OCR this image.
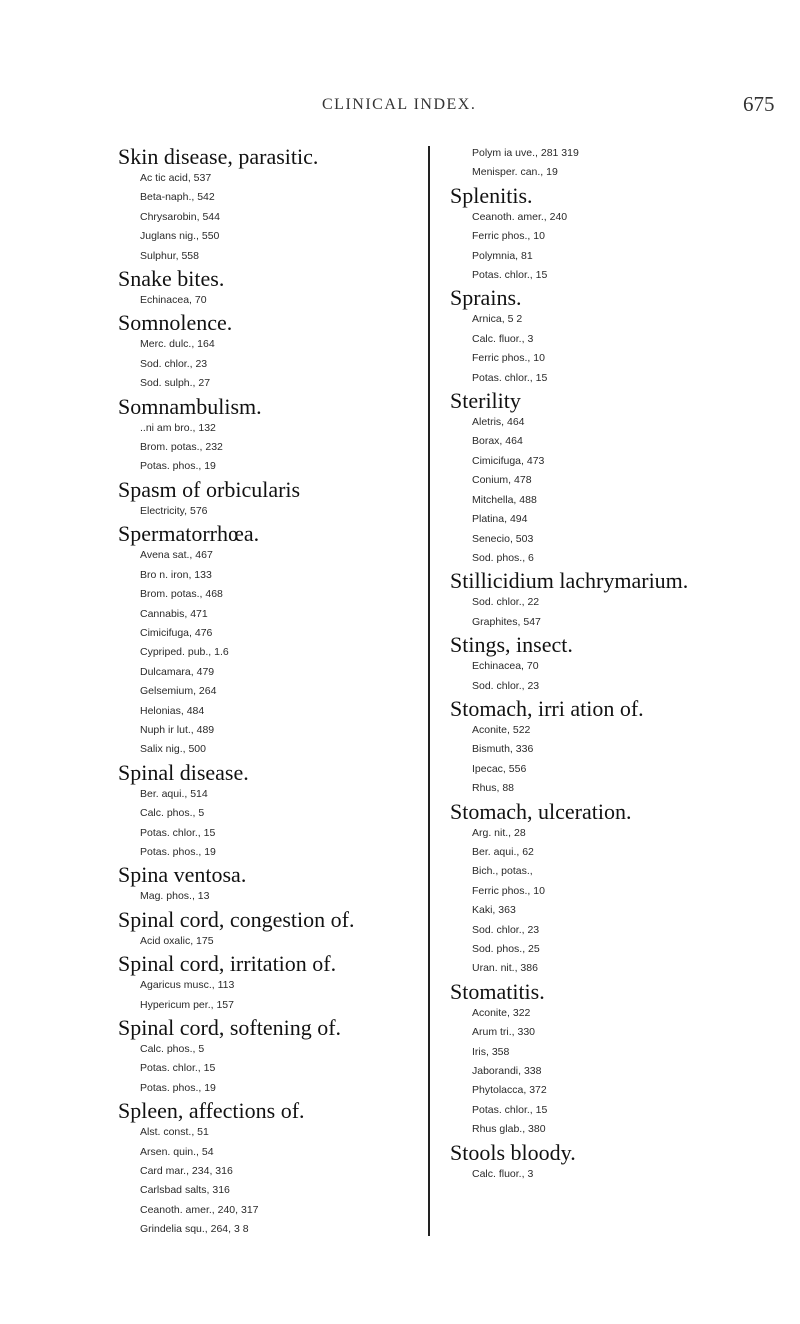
CLINICAL INDEX.	675
Skin disease, parasitic.
Ac tic acid, 537
Beta-naph., 542
Chrysarobin, 544
Juglans nig., 550
Sulphur, 558
Snake bites.
Echinacea, 70
Somnolence.
Merc. dulc., 164
Sod. chlor., 23
Sod. sulph., 27
Somnambulism.
..ni am bro., 132
Brom. potas., 232
Potas. phos., 19
Spasm of orbicularis
Electricity, 576
Spermatorrhœa.
Avena sat., 467
Bro n. iron, 133
Brom. potas., 468
Cannabis, 471
Cimicifuga, 476
Cypriped. pub., 1.6
Dulcamara, 479
Gelsemium, 264
Helonias, 484
Nuph ir lut., 489
Salix nig., 500
Spinal disease.
Ber. aqui., 514
Calc. phos., 5
Potas. chlor., 15
Potas. phos., 19
Spina ventosa.
Mag. phos., 13
Spinal cord, congestion of.
Acid oxalic, 175
Spinal cord, irritation of.
Agaricus musc., 113
Hypericum per., 157
Spinal cord, softening of.
Calc. phos., 5
Potas. chlor., 15
Potas. phos., 19
Spleen, affections of.
Alst. const., 51
Arsen. quin., 54
Card mar., 234, 316
Carlsbad salts, 316
Ceanoth. amer., 240, 317
Grindelia squ., 264, 3 8
Polym ia uve., 281 319
Menisper. can., 19
Splenitis.
Ceanoth. amer., 240
Ferric phos., 10
Polymnia, 81
Potas. chlor., 15
Sprains.
Arnica, 5 2
Calc. fluor., 3
Ferric phos., 10
Potas. chlor., 15
Sterility
Aletris, 464
Borax, 464
Cimicifuga, 473
Conium, 478
Mitchella, 488
Platina, 494
Senecio, 503
Sod. phos., 6
Stillicidium lachrymarium.
Sod. chlor., 22
Graphites, 547
Stings, insect.
Echinacea, 70
Sod. chlor., 23
Stomach, irri ation of.
Aconite, 522
Bismuth, 336
Ipecac, 556
Rhus, 88
Stomach, ulceration.
Arg. nit., 28
Ber. aqui., 62
Bich., potas.,
Ferric phos., 10
Kaki, 363
Sod. chlor., 23
Sod. phos., 25
Uran. nit., 386
Stomatitis.
Aconite, 322
Arum tri., 330
Iris, 358
Jaborandi, 338
Phytolacca, 372
Potas. chlor., 15
Rhus glab., 380
Stools bloody.
Calc. fluor., 3
